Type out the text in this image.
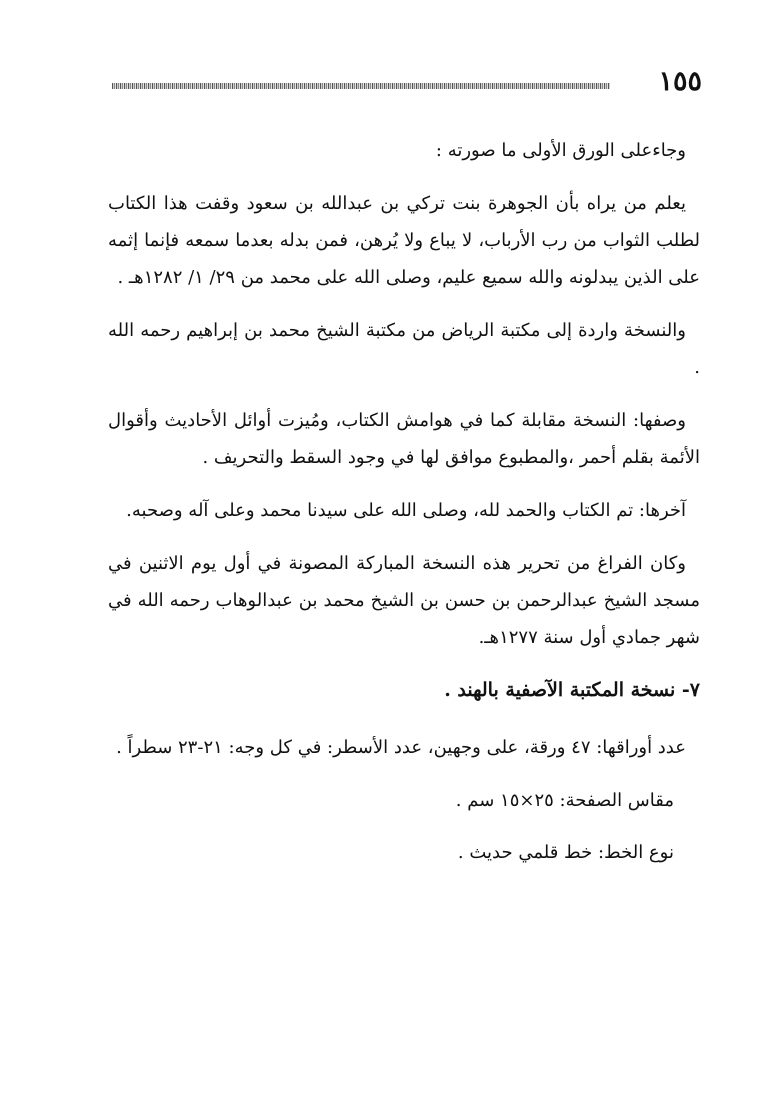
١٥٥

وجاءعلى الورق الأولى ما صورته :

يعلم من يراه بأن الجوهرة بنت تركي بن عبدالله بن سعود وقفت هذا الكتاب لطلب الثواب من رب الأرباب، لا يباع ولا يُرهن، فمن بدله بعدما سمعه فإنما إثمه على الذين يبدلونه والله سميع عليم، وصلى الله على محمد من ٢٩/ ١/ ١٢٨٢هـ .

والنسخة واردة إلى مكتبة الرياض من مكتبة الشيخ محمد بن إبراهيم رحمه الله .

وصفها: النسخة مقابلة كما في هوامش الكتاب، ومُيزت أوائل الأحاديث وأقوال الأئمة بقلم أحمر ،والمطبوع موافق لها في وجود السقط والتحريف .

آخرها: تم الكتاب والحمد لله، وصلى الله على سيدنا محمد وعلى آله وصحبه.

وكان الفراغ من تحرير هذه النسخة المباركة المصونة في أول يوم الاثنين في مسجد الشيخ عبدالرحمن بن حسن بن الشيخ محمد بن عبدالوهاب رحمه الله في شهر جمادي أول سنة ١٢٧٧هـ.

٧- نسخة المكتبة الآصفية بالهند .

عدد أوراقها: ٤٧ ورقة، على وجهين، عدد الأسطر: في كل وجه: ٢١-٢٣ سطراً .

مقاس الصفحة: ٢٥×١٥ سم .

نوع الخط: خط قلمي حديث .
